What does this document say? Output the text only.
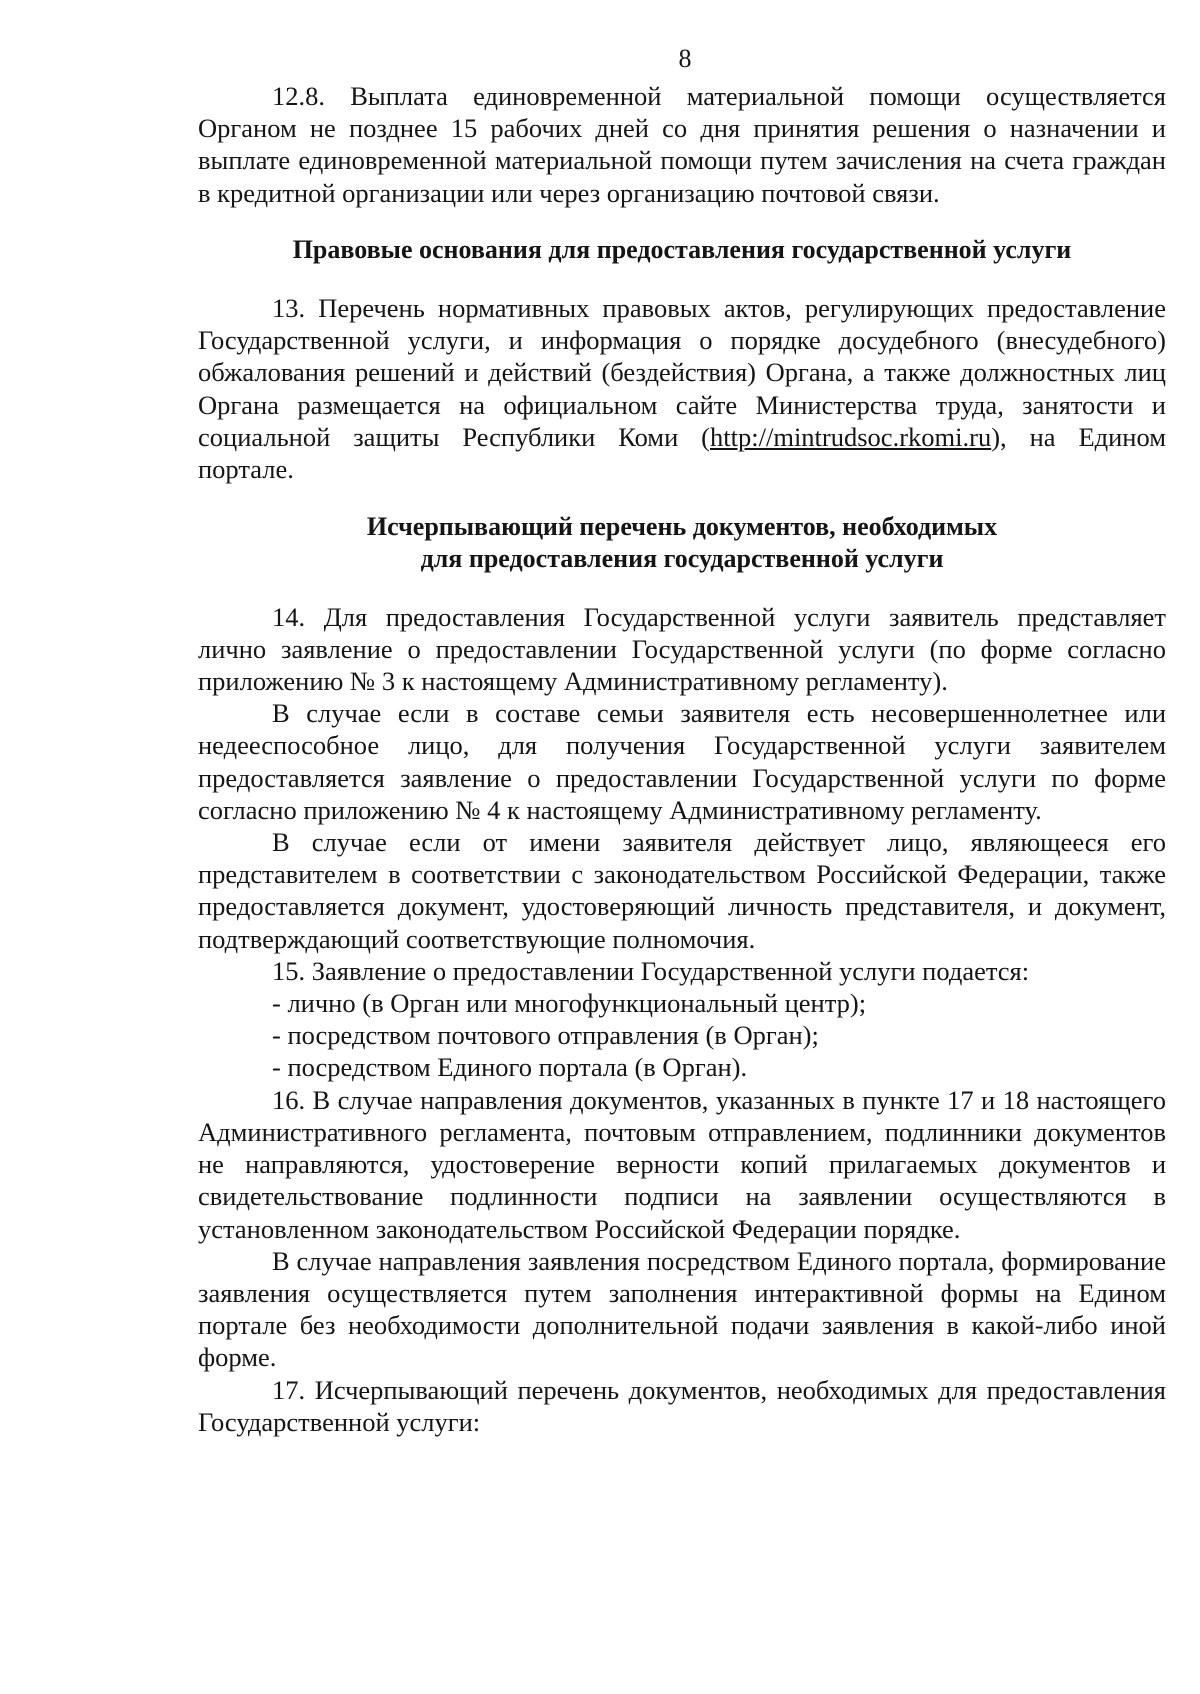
8

12.8. Выплата единовременной материальной помощи осуществляется Органом не позднее 15 рабочих дней со дня принятия решения о назначении и выплате единовременной материальной помощи путем зачисления на счета граждан в кредитной организации или через организацию почтовой связи.

Правовые основания для предоставления государственной услуги

13. Перечень нормативных правовых актов, регулирующих предоставление Государственной услуги, и информация о порядке досудебного (внесудебного) обжалования решений и действий (бездействия) Органа, а также должностных лиц Органа размещается на официальном сайте Министерства труда, занятости и социальной защиты Республики Коми (http://mintrudsoc.rkomi.ru), на Едином портале.

Исчерпывающий перечень документов, необходимых

для предоставления государственной услуги

14. Для предоставления Государственной услуги заявитель представляет лично заявление о предоставлении Государственной услуги (по форме согласно приложению № 3 к настоящему Административному регламенту).

В случае если в составе семьи заявителя есть несовершеннолетнее или недееспособное лицо, для получения Государственной услуги заявителем предоставляется заявление о предоставлении Государственной услуги по форме согласно приложению № 4 к настоящему Административному регламенту.

В случае если от имени заявителя действует лицо, являющееся его представителем в соответствии с законодательством Российской Федерации, также предоставляется документ, удостоверяющий личность представителя, и документ, подтверждающий соответствующие полномочия.

15. Заявление о предоставлении Государственной услуги подается:

- лично (в Орган или многофункциональный центр);

- посредством почтового отправления (в Орган);

- посредством Единого портала (в Орган).

16. В случае направления документов, указанных в пункте 17 и 18 настоящего Административного регламента, почтовым отправлением, подлинники документов не направляются, удостоверение верности копий прилагаемых документов и свидетельствование подлинности подписи на заявлении осуществляются в установленном законодательством Российской Федерации порядке.

В случае направления заявления посредством Единого портала, формирование заявления осуществляется путем заполнения интерактивной формы на Едином портале без необходимости дополнительной подачи заявления в какой-либо иной форме.

17. Исчерпывающий перечень документов, необходимых для предоставления Государственной услуги:
